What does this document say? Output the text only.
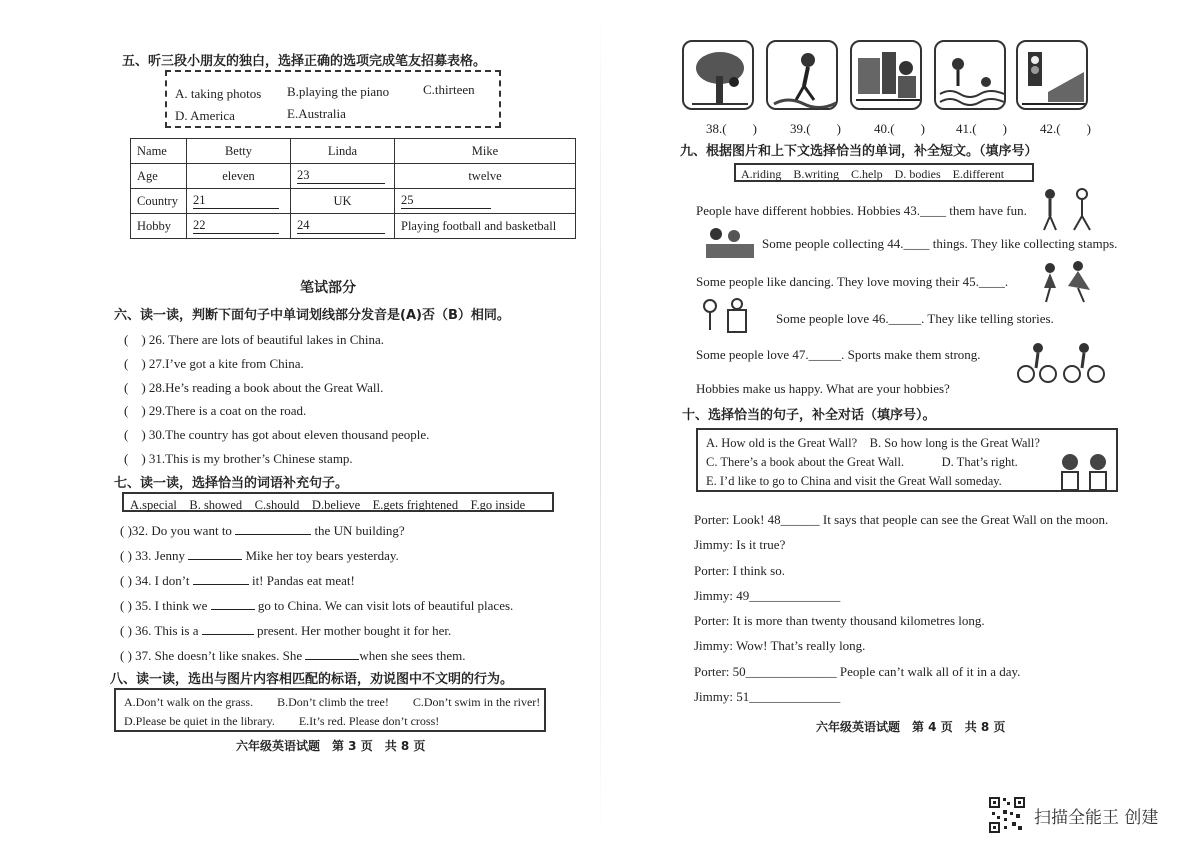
五、听三段小朋友的独白，选择正确的选项完成笔友招募表格。
A. taking photos B.playing the piano	C.thirteen
D. America	E.Australia
Name	Betty	Linda	Mike
Age	eleven	23	twelve
Country	21	UK	25
Hobby	22	24	Playing football and basketball
笔试部分
六、读一读，判断下面句子中单词划线部分发音是(A)否（B）相同。
(　) 26. There are lots of beautiful lakes in China.
(　) 27.I’ve got a kite from China.
(　) 28.He’s reading a book about the Great Wall.
(　) 29.There is a coat on the road.
(　) 30.The country has got about eleven thousand people.
(　) 31.This is my brother’s Chinese stamp.
七、读一读，选择恰当的词语补充句子。
A.special　B. showed　C.should　D.believe　E.gets frightened　F.go inside
( )32. Do you want to	the UN building?
( ) 33. Jenny	Mike her toy bears yesterday.
( ) 34. I don’t	it! Pandas eat meat!
( ) 35. I think we	go to China. We can visit lots of beautiful places.
( ) 36. This is a	present. Her mother bought it for her.
( ) 37. She doesn’t like snakes. She	when she sees them.
八、读一读，选出与图片内容相匹配的标语，劝说图中不文明的行为。
A.Don’t walk on the grass.　　B.Don’t climb the tree!　　C.Don’t swim in the river!
D.Please be quiet in the library.　　E.It’s red. Please don’t cross!
六年级英语试题　第 3 页　共 8 页
38.(　　)	39.(　　)	40.(　　) 41.(　　)	42.(　　)
九、根据图片和上下文选择恰当的单词，补全短文。（填序号）
A.riding　B.writing　C.help　D. bodies　E.different
People have different hobbies. Hobbies 43.____ them have fun.
Some people collecting 44.____ things. They like collecting stamps.
Some people like dancing. They love moving their 45.____.
Some people love 46._____. They like telling stories.
Some people love 47._____. Sports make them strong.
Hobbies make us happy. What are your hobbies?
十、选择恰当的句子，补全对话（填序号）。
A. How old is the Great Wall?　B. So how long is the Great Wall?
C. There’s a book about the Great Wall.　　　D. That’s right.
E. I’d like to go to China and visit the Great Wall someday.
Porter: Look! 48______ It says that people can see the Great Wall on the moon.
Jimmy: Is it true?
Porter: I think so.
Jimmy: 49______________
Porter: It is more than twenty thousand kilometres long.
Jimmy: Wow! That’s really long.
Porter: 50______________ People can’t walk all of it in a day.
Jimmy: 51______________
六年级英语试题　第 4 页　共 8 页
扫描全能王 创建
